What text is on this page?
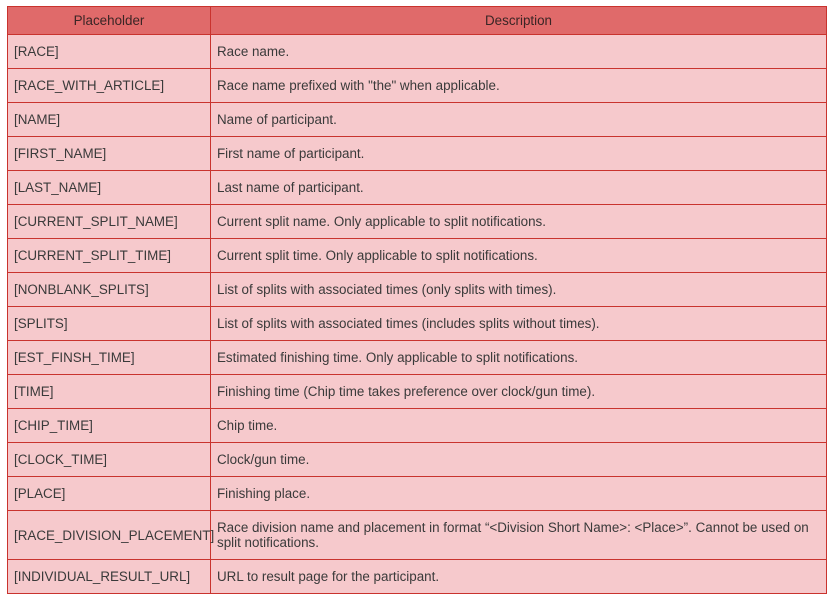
Placeholder	Description
[RACE]	Race name.
[RACE_WITH_ARTICLE]	Race name prefixed with "the" when applicable.
[NAME]	Name of participant.
[FIRST_NAME]	First name of participant.
[LAST_NAME]	Last name of participant.
[CURRENT_SPLIT_NAME]	Current split name. Only applicable to split notifications.
[CURRENT_SPLIT_TIME]	Current split time. Only applicable to split notifications.
[NONBLANK_SPLITS]	List of splits with associated times (only splits with times).
[SPLITS]	List of splits with associated times (includes splits without times).
[EST_FINSH_TIME]	Estimated finishing time. Only applicable to split notifications.
[TIME]	Finishing time (Chip time takes preference over clock/gun time).
[CHIP_TIME]	Chip time.
[CLOCK_TIME]	Clock/gun time.
[PLACE]	Finishing place.
[RACE_DIVISION_PLACEMENT]	Race division name and placement in format “<Division Short Name>: <Place>”. Cannot be used on split notifications.
[INDIVIDUAL_RESULT_URL]	URL to result page for the participant.
